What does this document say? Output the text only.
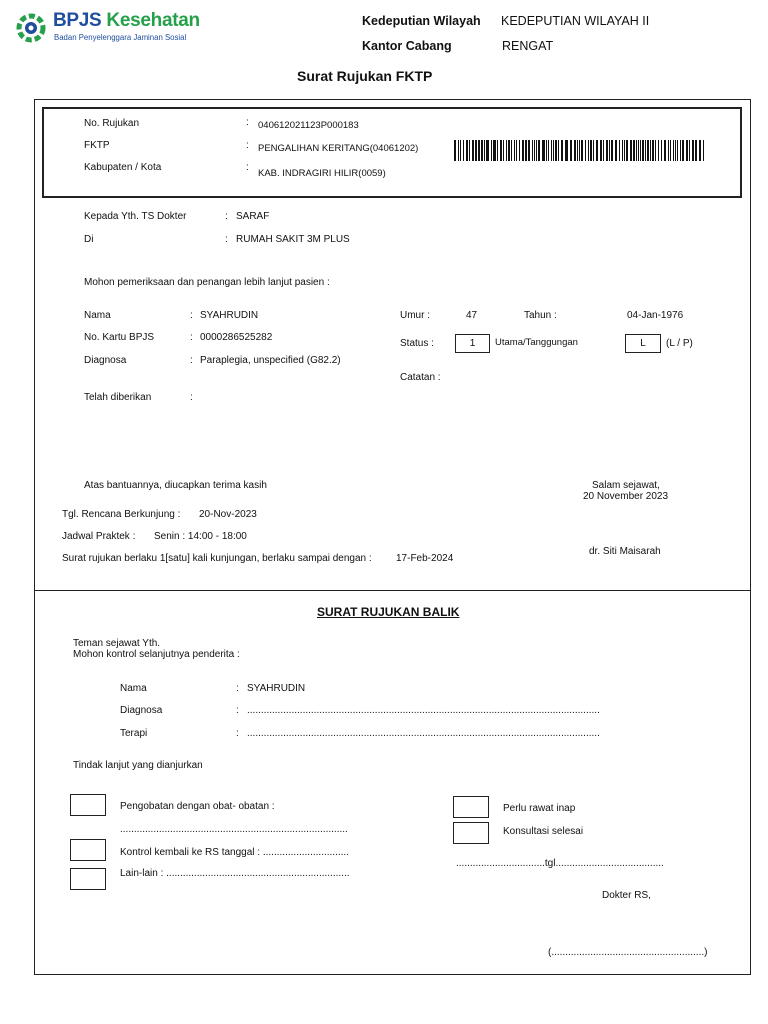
BPJS Kesehatan
Badan Penyelenggara Jaminan Sosial
Kedeputian Wilayah KEDEPUTIAN WILAYAH II
Kantor Cabang	RENGAT
Surat Rujukan FKTP
No. Rujukan	: 040612021123P000183
FKTP	: PENGALIHAN KERITANG(04061202)
Kabupaten / Kota	:
KAB. INDRAGIRI HILIR(0059)
Kepada Yth. TS Dokter	: SARAF
Di	: RUMAH SAKIT 3M PLUS
Mohon pemeriksaan dan penangan lebih lanjut pasien :
Nama	: SYAHRUDIN
No. Kartu BPJS	: 0000286525282
Diagnosa	: Paraplegia, unspecified (G82.2)
Telah diberikan	:
Umur :	47	Tahun :	04-Jan-1976
Status :	1	Utama/Tanggungan	L	(L / P)
Catatan :
Atas bantuannya, diucapkan terima kasih	Salam sejawat,
20 November 2023
Tgl. Rencana Berkunjung : 20-Nov-2023
Jadwal Praktek : Senin : 14:00 - 18:00
Surat rujukan berlaku 1[satu] kali kunjungan, berlaku sampai dengan : 17-Feb-2024
dr. Siti Maisarah
SURAT RUJUKAN BALIK
Teman sejawat Yth.
Mohon kontrol selanjutnya penderita :
Nama	: SYAHRUDIN
Diagnosa	: ...............................................................................................................................
Terapi	: ...............................................................................................................................
Tindak lanjut yang dianjurkan
Pengobatan dengan obat- obatan :
..................................................................................
Kontrol kembali ke RS tanggal : ...............................
Lain-lain : ..................................................................
Perlu rawat inap
Konsultasi selesai
................................tgl.......................................
Dokter RS,
(.......................................................)
